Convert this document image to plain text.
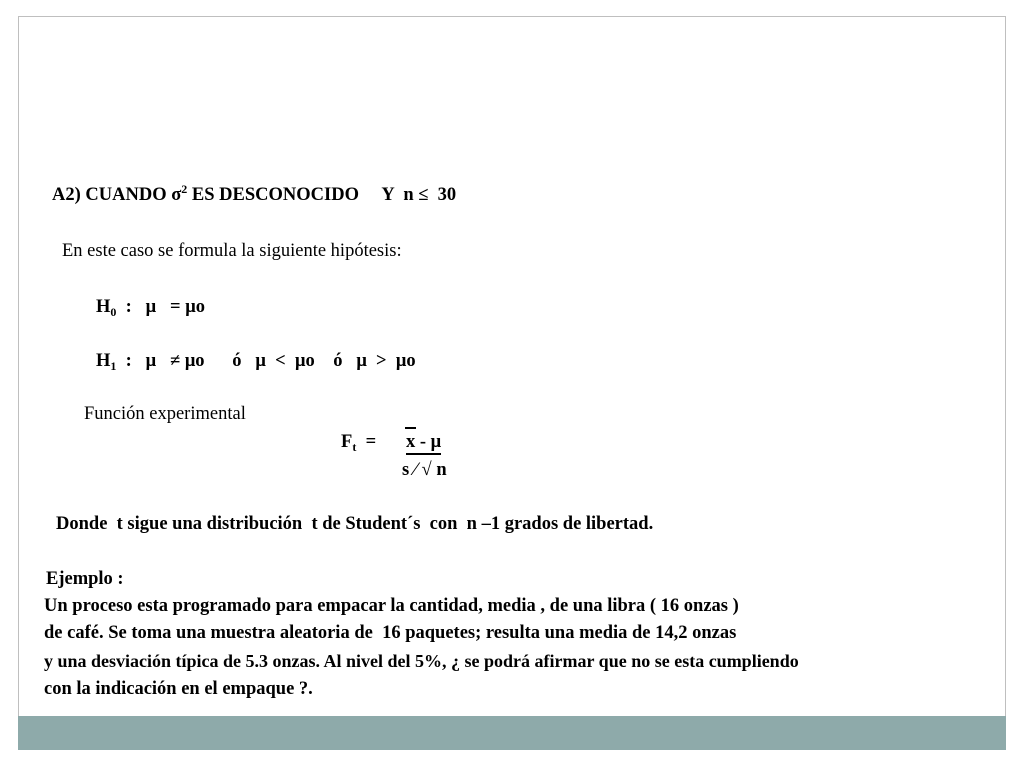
A2) CUANDO $\sigma^2$ ES DESCONOCIDO     Y  n ≤  30
En este caso se formula la siguiente hipótesis:
$H_0$  :   μ   = μo
$H_1$  :   μ   ≠ μo      ó   μ  <  μo    ó   μ  >  μo
Función experimental
$F_t = x - \mu$
s ⁄ √ n
Donde  t sigue una distribución  t de Student´s  con  n –1 grados de libertad.
Ejemplo :
Un proceso esta programado para empacar la cantidad, media , de una libra ( 16 onzas )
de café. Se toma una muestra aleatoria de  16 paquetes; resulta una media de 14,2 onzas
y una desviación típica de 5.3 onzas. Al nivel del 5%, ¿ se podrá afirmar que no se esta cumpliendo
con la indicación en el empaque ?.
